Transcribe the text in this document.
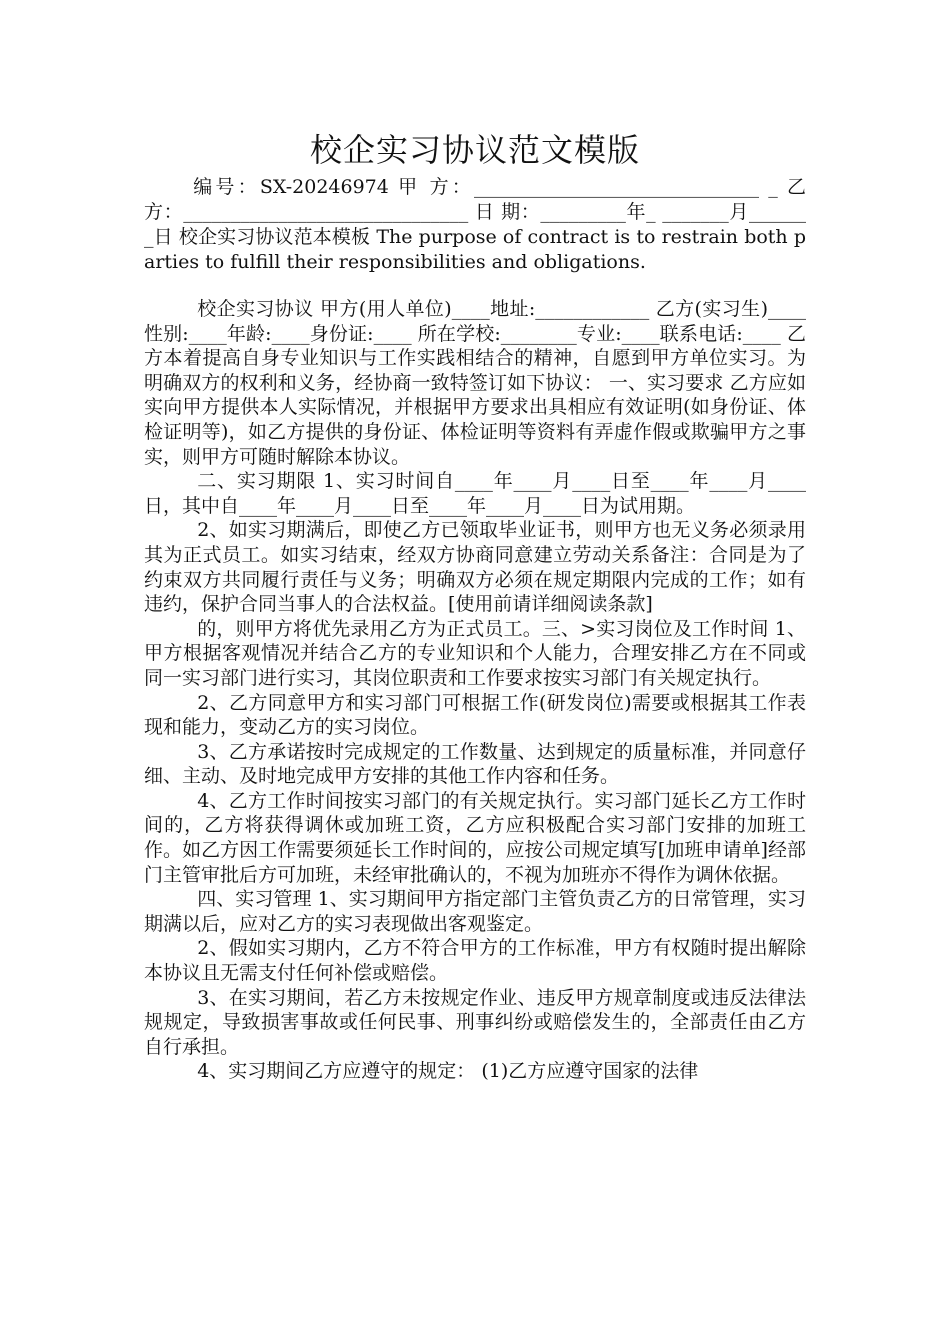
校企实习协议范文模版
编号：SX-20246974 甲 方：______________________________ _ 乙 方：______________________________ 日 期：_________年_ _______月_______日 校企实习协议范本模板 The purpose of contract is to restrain both parties to fulfill their responsibilities and obligations.

校企实习协议 甲方(用人单位)____地址:____________ 乙方(实习生)____性别:____年龄:____身份证:____ 所在学校:________专业:____联系电话:____ 乙方本着提高自身专业知识与工作实践相结合的精神，自愿到甲方单位实习。为明确双方的权利和义务，经协商一致特签订如下协议： 一、实习要求 乙方应如实向甲方提供本人实际情况，并根据甲方要求出具相应有效证明(如身份证、体检证明等)，如乙方提供的身份证、体检证明等资料有弄虚作假或欺骗甲方之事实，则甲方可随时解除本协议。

二、实习期限 1、实习时间自____年____月____日至____年____月____日，其中自____年____月____日至____年____月____日为试用期。

2、如实习期满后，即使乙方已领取毕业证书，则甲方也无义务必须录用其为正式员工。如实习结束，经双方协商同意建立劳动关系备注：合同是为了约束双方共同履行责任与义务；明确双方必须在规定期限内完成的工作；如有违约，保护合同当事人的合法权益。[使用前请详细阅读条款]

的，则甲方将优先录用乙方为正式员工。三、>实习岗位及工作时间 1、甲方根据客观情况并结合乙方的专业知识和个人能力，合理安排乙方在不同或同一实习部门进行实习，其岗位职责和工作要求按实习部门有关规定执行。

2、乙方同意甲方和实习部门可根据工作(研发岗位)需要或根据其工作表现和能力，变动乙方的实习岗位。

3、乙方承诺按时完成规定的工作数量、达到规定的质量标准，并同意仔细、主动、及时地完成甲方安排的其他工作内容和任务。

4、乙方工作时间按实习部门的有关规定执行。实习部门延长乙方工作时间的，乙方将获得调休或加班工资，乙方应积极配合实习部门安排的加班工作。如乙方因工作需要须延长工作时间的，应按公司规定填写[加班申请单]经部门主管审批后方可加班，未经审批确认的，不视为加班亦不得作为调休依据。

四、实习管理 1、实习期间甲方指定部门主管负责乙方的日常管理，实习期满以后，应对乙方的实习表现做出客观鉴定。

2、假如实习期内，乙方不符合甲方的工作标准，甲方有权随时提出解除本协议且无需支付任何补偿或赔偿。

3、在实习期间，若乙方未按规定作业、违反甲方规章制度或违反法律法规规定，导致损害事故或任何民事、刑事纠纷或赔偿发生的，全部责任由乙方自行承担。

4、实习期间乙方应遵守的规定： (1)乙方应遵守国家的法律
